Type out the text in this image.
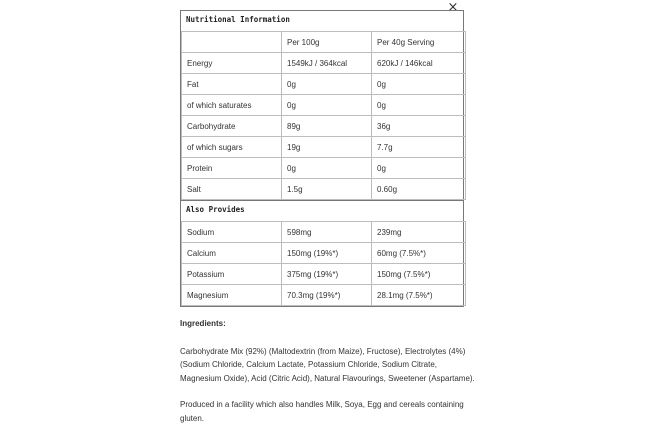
×
Nutritional Information
	Per 100g	Per 40g Serving
Energy	1549kJ / 364kcal	620kJ / 146kcal
Fat	0g	0g
of which saturates	0g	0g
Carbohydrate	89g	36g
of which sugars	19g	7.7g
Protein	0g	0g
Salt	1.5g	0.60g
Also Provides
Sodium	598mg	239mg
Calcium	150mg (19%*)	60mg (7.5%*)
Potassium	375mg (19%*)	150mg (7.5%*)
Magnesium	70.3mg (19%*)	28.1mg (7.5%*)
Ingredients:

Carbohydrate Mix (92%) (Maltodextrin (from Maize), Fructose), Electrolytes (4%) (Sodium Chloride, Calcium Lactate, Potassium Chloride, Sodium Citrate, Magnesium Oxide), Acid (Citric Acid), Natural Flavourings, Sweetener (Aspartame).

Produced in a facility which also handles Milk, Soya, Egg and cereals containing gluten.
